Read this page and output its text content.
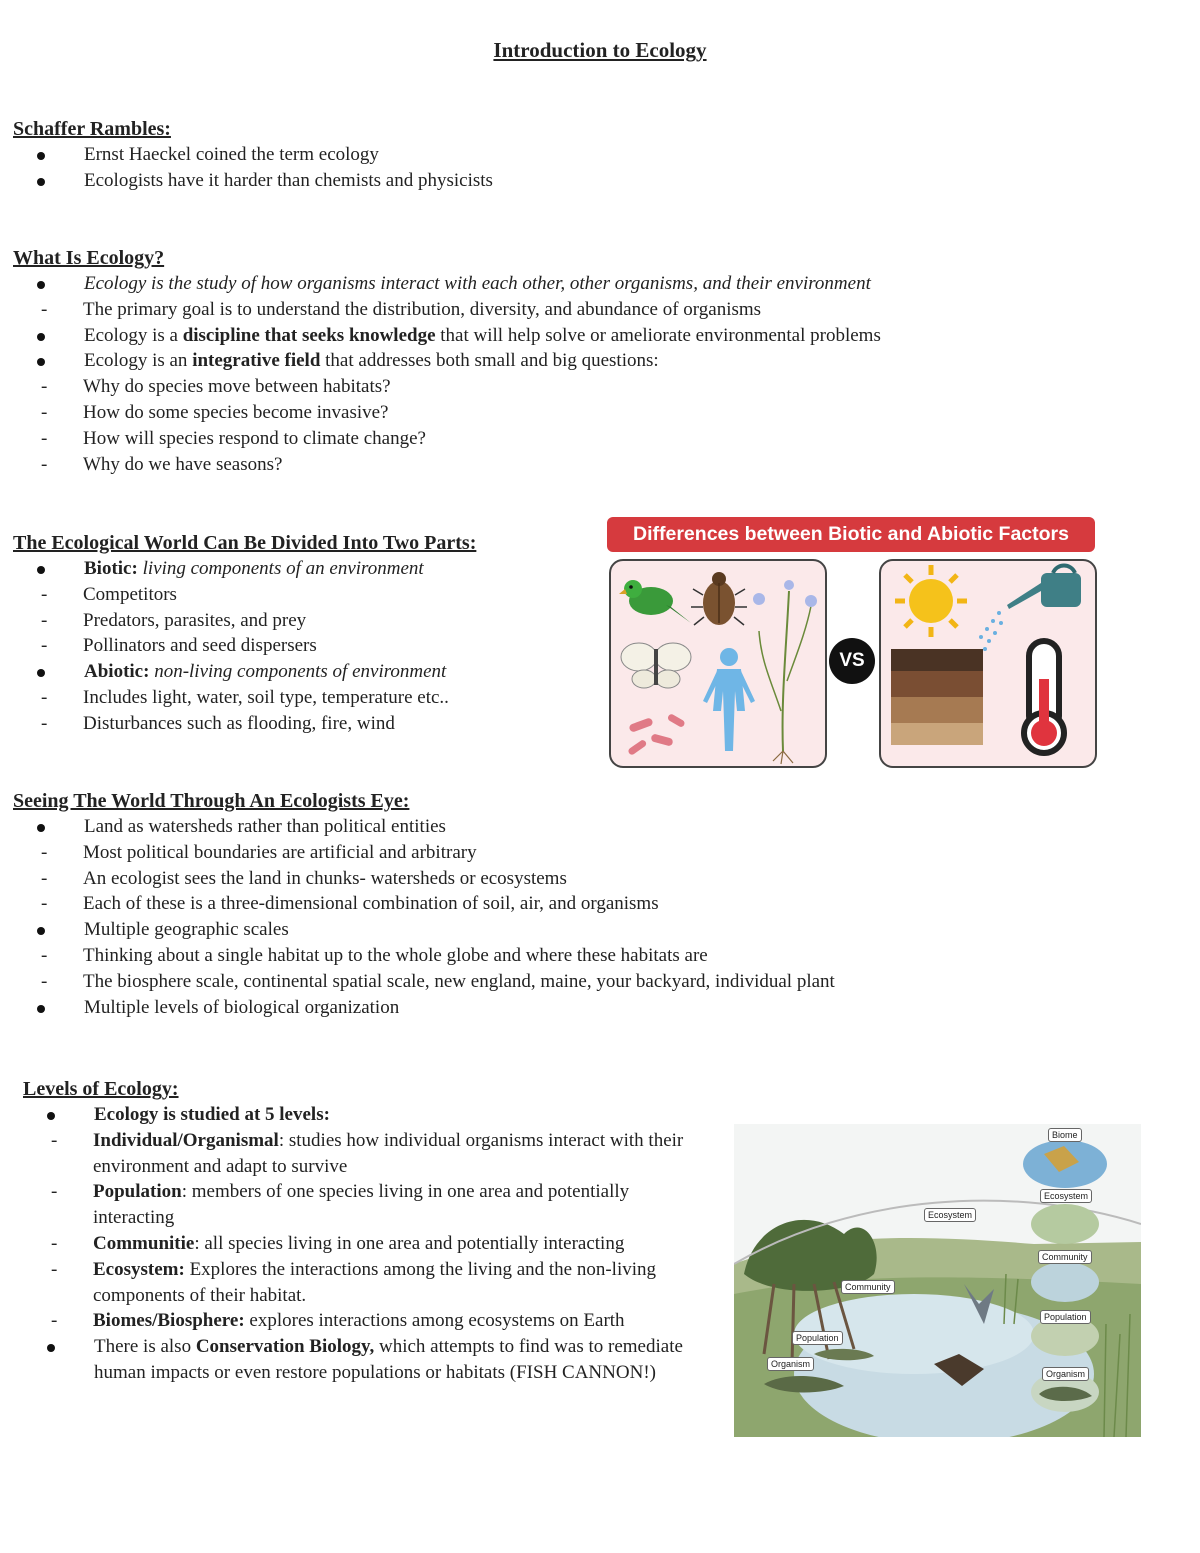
Introduction to Ecology

Schaffer Rambles:

Ernst Haeckel coined the term ecology
Ecologists have it harder than chemists and physicists

What Is Ecology?

Ecology is the study of how organisms interact with each other, other organisms, and their environment
- The primary goal is to understand the distribution, diversity, and abundance of organisms
Ecology is a discipline that seeks knowledge that will help solve or ameliorate environmental problems
Ecology is an integrative field that addresses both small and big questions:
- Why do species move between habitats?
- How do some species become invasive?
- How will species respond to climate change?
- Why do we have seasons?

The Ecological World Can Be Divided Into Two Parts:

Biotic: living components of an environment
- Competitors
- Predators, parasites, and prey
- Pollinators and seed dispersers
Abiotic: non-living components of environment
- Includes light, water, soil type, temperature etc..
- Disturbances such as flooding, fire, wind
Differences between Biotic and Abiotic Factors
VS

Seeing The World Through An Ecologists Eye:

Land as watersheds rather than political entities
- Most political boundaries are artificial and arbitrary
- An ecologist sees the land in chunks- watersheds or ecosystems
- Each of these is a three-dimensional combination of soil, air, and organisms
Multiple geographic scales
- Thinking about a single habitat up to the whole globe and where these habitats are
- The biosphere scale, continental spatial scale, new england, maine, your backyard, individual plant
Multiple levels of biological organization

Levels of Ecology:

Ecology is studied at 5 levels:
- Individual/Organismal: studies how individual organisms interact with their environment and adapt to survive
- Population: members of one species living in one area and potentially interacting
- Communitie: all species living in one area and potentially interacting
- Ecosystem: Explores the interactions among the living and the non-living components of their habitat.
- Biomes/Biosphere: explores interactions among ecosystems on Earth
There is also Conservation Biology, which attempts to find was to remediate human impacts or even restore populations or habitats (FISH CANNON!)
Biome
Ecosystem
Ecosystem
Community
Community
Population
Population
Organism
Organism
